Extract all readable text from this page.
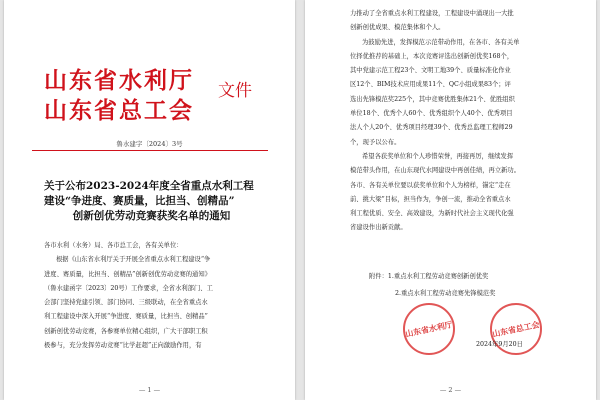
山东省水利厅
山东省总工会
文件
鲁水建字〔2024〕3号
关于公布2023-2024年度全省重点水利工程
建设“争进度、赛质量，比担当、创精品”
创新创优劳动竞赛获奖名单的通知
各市水利（水务）局、各市总工会，各有关单位：
根据《山东省水利厅关于开展全省重点水利工程建设“争
进度、赛质量，比担当、创精品”创新创优劳动竞赛的通知》
（鲁水建函字〔2023〕20号）工作要求，全省水利部门、工
会部门坚持党建引领、部门协同、三级联动，在全省重点水
利工程建设中深入开展“争进度、赛质量，比担当、创精品”
创新创优劳动竞赛，各参赛单位精心组织，广大干部职工积
极参与，充分发挥劳动竞赛“比学赶超”正向激励作用，有
— 1 —
力推动了全省重点水利工程建设，工程建设中涌现出一大批
创新创优成果、模范集体和个人。
为鼓励先进，发挥模范示范带动作用，在各市、各有关单
位择优推荐的基础上，本次竞赛评选出创新创优奖168个，
其中党建示范工程23个、文明工地39个、质量标准化作业
区12个、BIM技术应用成果11个、QC小组成果83个；评
选出先锋模范奖225个，其中竞赛优胜集体21个、优胜组织
单位18个、优秀个人60个、优秀组织个人40个、优秀项目
法人个人20个、优秀项目经理39个、优秀总监理工程师29
个，现予以公布。
希望各获奖单位和个人珍惜荣誉，再接再厉，继续发挥
模范带头作用，在山东现代水网建设中再创佳绩，再立新功。
各市、各有关单位要以获奖单位和个人为榜样，锚定“走在
前、挑大梁”目标，担当作为，争创一流，推动全省重点水
利工程优质、安全、高效建设，为新时代社会主义现代化强
省建设作出新贡献。
附件：1.重点水利工程劳动竞赛创新创优奖
2.重点水利工程劳动竞赛先锋模范奖
山东省水利厅	山东省总工会
2024年9月20日
— 2 —
